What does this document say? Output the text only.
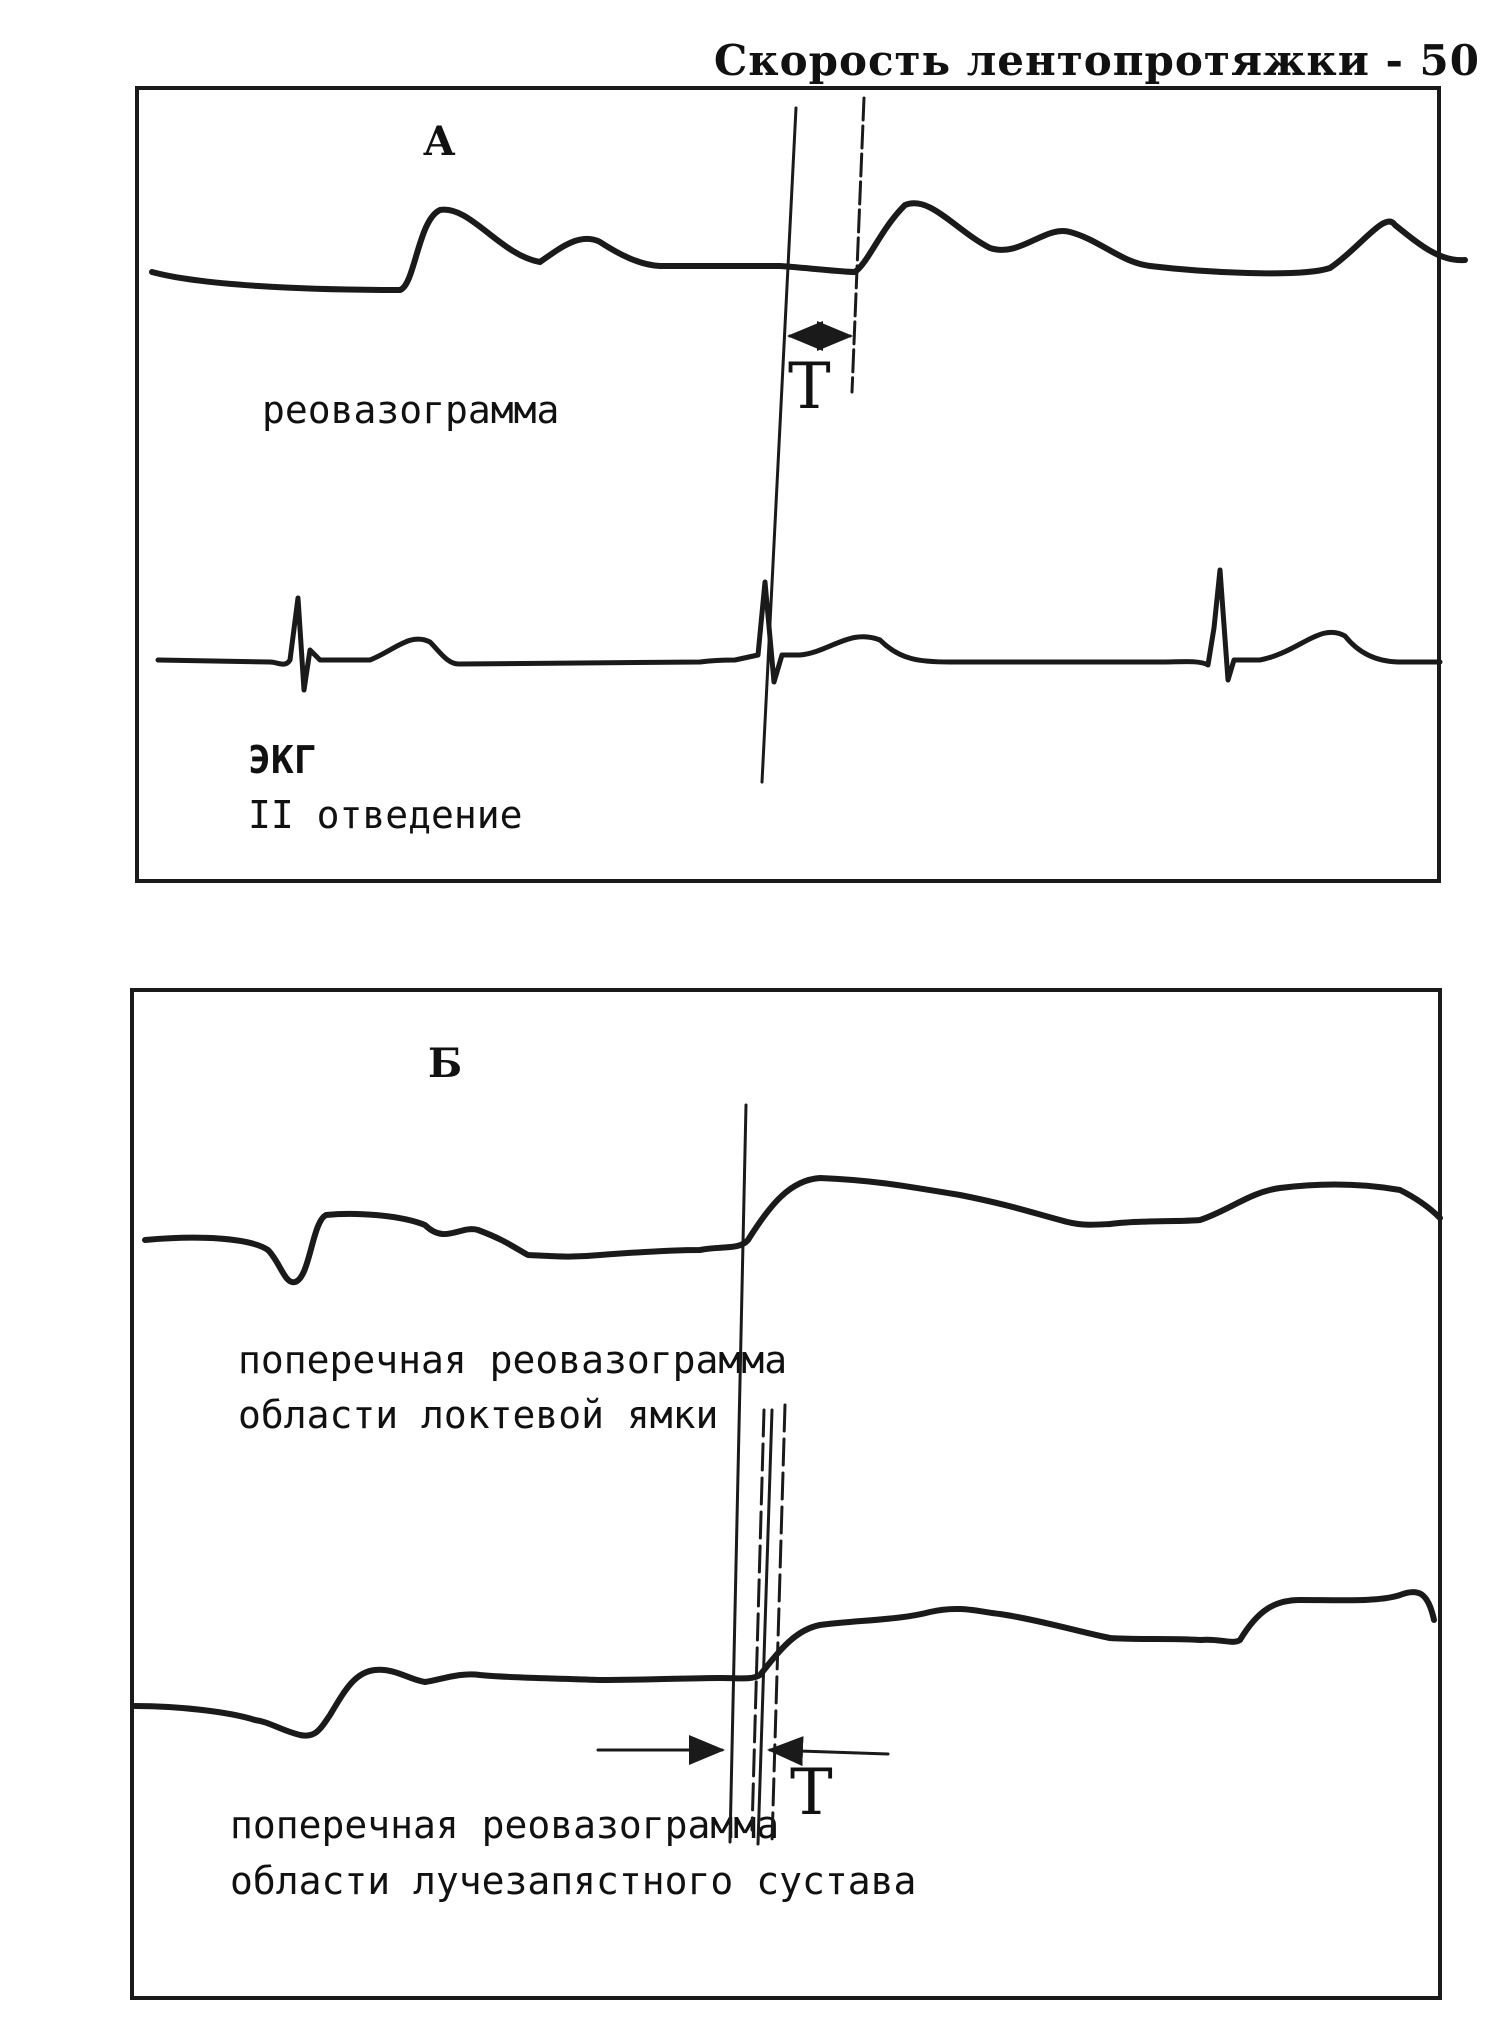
Скорость лентопротяжки - 50
А
реовазограмма
ЭКГ
II отведение
T
Б
поперечная реовазограмма
области локтевой ямки
поперечная реовазограмма
области лучезапястного сустава
T
